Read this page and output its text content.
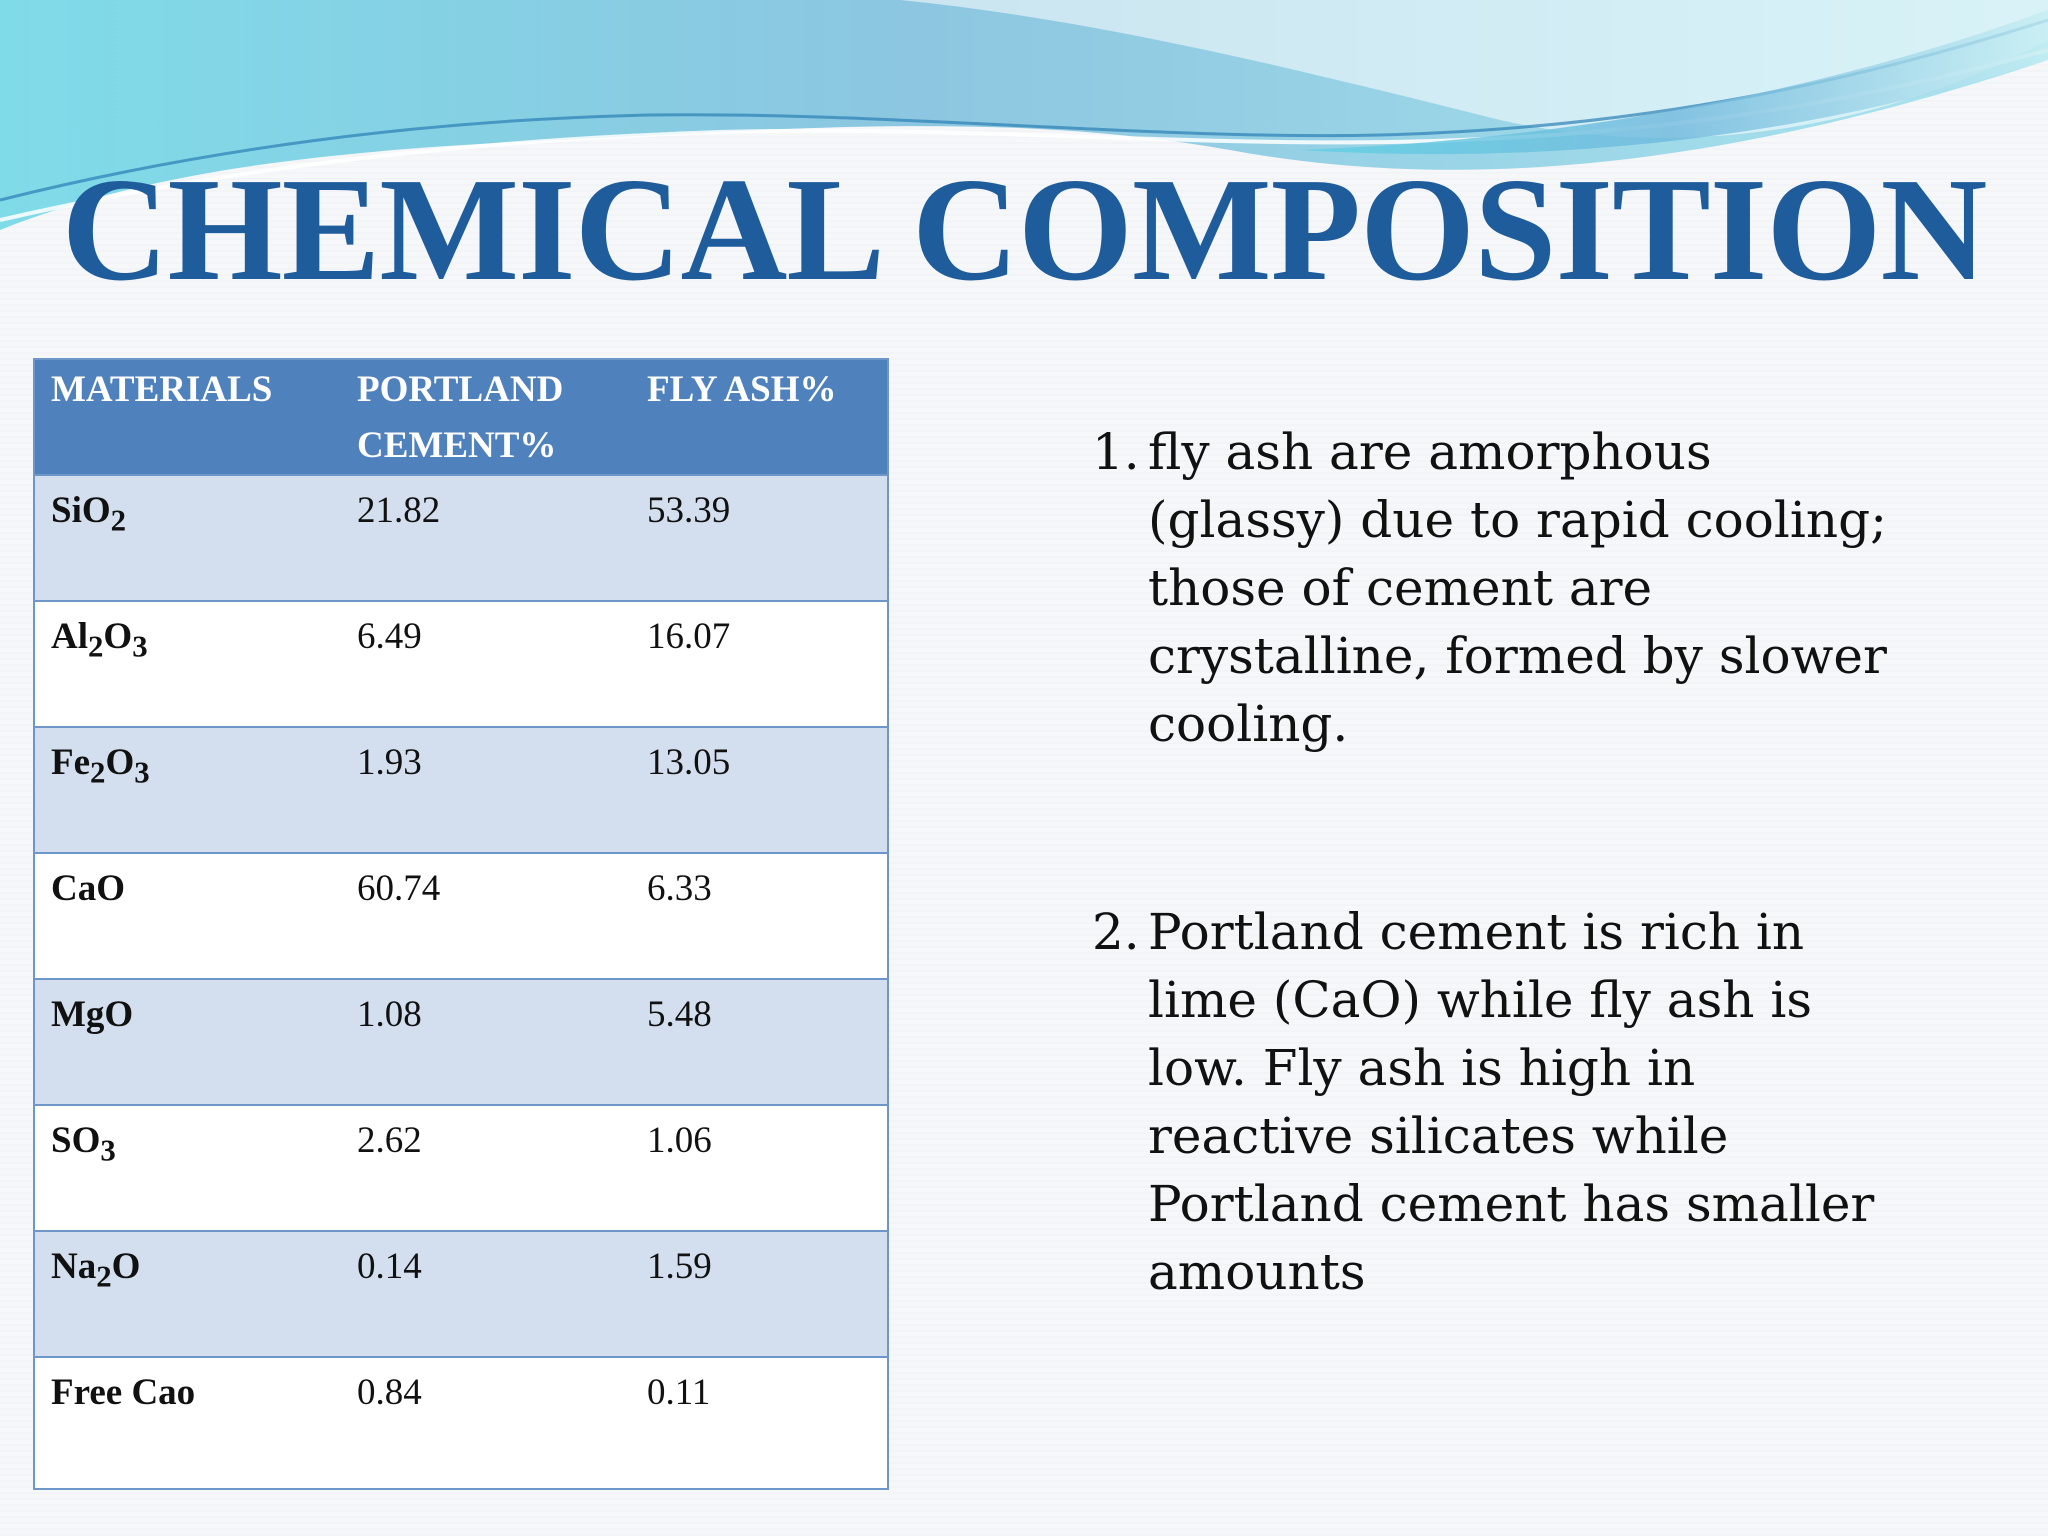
CHEMICAL COMPOSITION
MATERIALS	PORTLAND CEMENT%	FLY ASH%
SiO$_2$	21.82	53.39
$Al_2O_3$	6.49	16.07
$Fe_2O_3$	1.93	13.05
CaO	60.74	6.33
MgO	1.08	5.48
$SO_3$	2.62	1.06
$Na_2O$	0.14	1.59
Free Cao	0.84	0.11
1. fly ash are amorphous (glassy) due to rapid cooling; those of cement are crystalline, formed by slower cooling.
2. Portland cement is rich in lime (CaO) while fly ash is low. Fly ash is high in reactive silicates while Portland cement has smaller amounts
